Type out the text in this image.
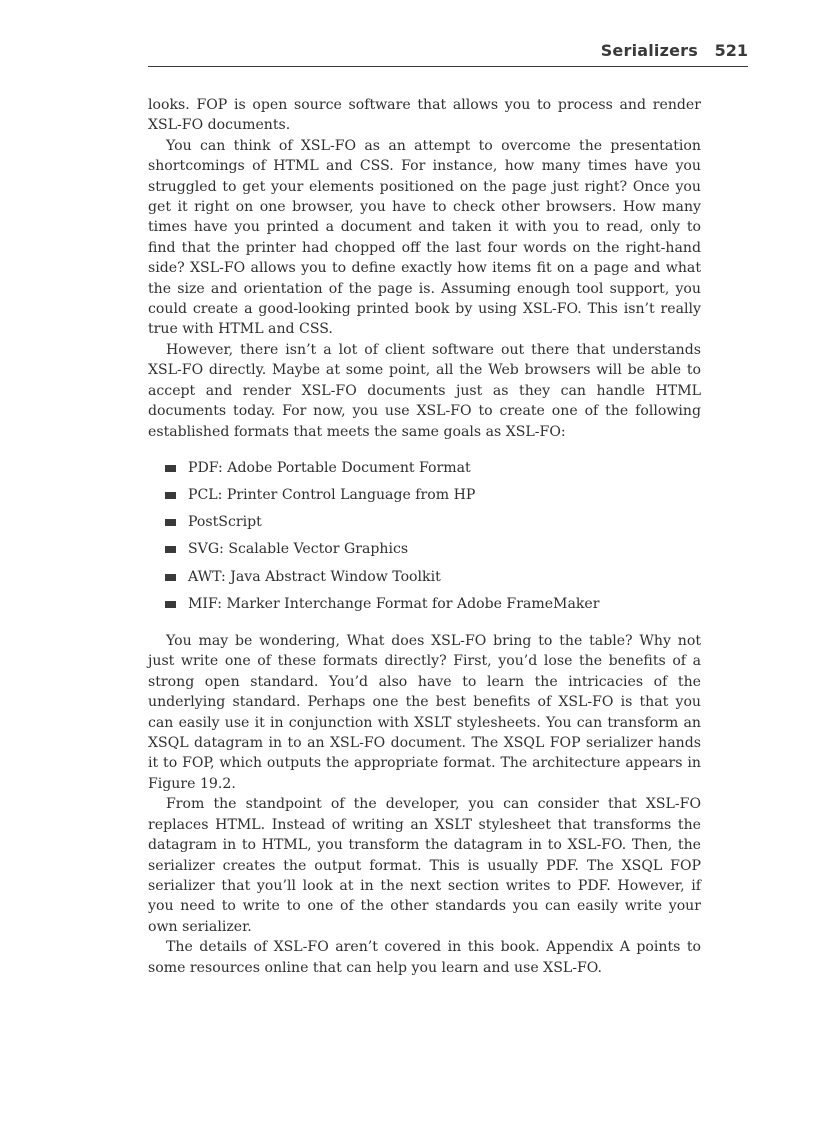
Serializers 521

looks. FOP is open source software that allows you to process and render XSL-FO documents.

You can think of XSL-FO as an attempt to overcome the presentation shortcomings of HTML and CSS. For instance, how many times have you struggled to get your elements positioned on the page just right? Once you get it right on one browser, you have to check other browsers. How many times have you printed a document and taken it with you to read, only to find that the printer had chopped off the last four words on the right-hand side? XSL-FO allows you to define exactly how items fit on a page and what the size and orientation of the page is. Assuming enough tool support, you could create a good-looking printed book by using XSL-FO. This isn’t really true with HTML and CSS.

However, there isn’t a lot of client software out there that understands XSL-FO directly. Maybe at some point, all the Web browsers will be able to accept and render XSL-FO documents just as they can handle HTML documents today. For now, you use XSL-FO to create one of the following established formats that meets the same goals as XSL-FO:

PDF: Adobe Portable Document Format
PCL: Printer Control Language from HP
PostScript
SVG: Scalable Vector Graphics
AWT: Java Abstract Window Toolkit
MIF: Marker Interchange Format for Adobe FrameMaker

You may be wondering, What does XSL-FO bring to the table? Why not just write one of these formats directly? First, you’d lose the benefits of a strong open standard. You’d also have to learn the intricacies of the underlying standard. Perhaps one the best benefits of XSL-FO is that you can easily use it in conjunction with XSLT stylesheets. You can transform an XSQL datagram in to an XSL-FO document. The XSQL FOP serializer hands it to FOP, which outputs the appropriate format. The architecture appears in Figure 19.2.

From the standpoint of the developer, you can consider that XSL-FO replaces HTML. Instead of writing an XSLT stylesheet that transforms the datagram in to HTML, you transform the datagram in to XSL-FO. Then, the serializer creates the output format. This is usually PDF. The XSQL FOP serializer that you’ll look at in the next section writes to PDF. However, if you need to write to one of the other standards you can easily write your own serializer.

The details of XSL-FO aren’t covered in this book. Appendix A points to some resources online that can help you learn and use XSL-FO.
